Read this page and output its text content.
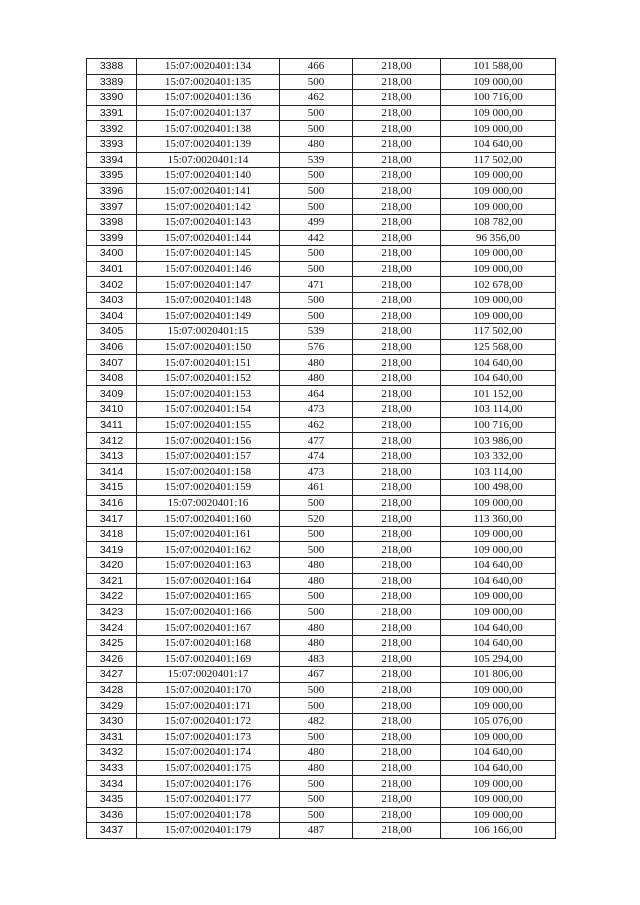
3388	15:07:0020401:134	466	218,00	101 588,00
3389	15:07:0020401:135	500	218,00	109 000,00
3390	15:07:0020401:136	462	218,00	100 716,00
3391	15:07:0020401:137	500	218,00	109 000,00
3392	15:07:0020401:138	500	218,00	109 000,00
3393	15:07:0020401:139	480	218,00	104 640,00
3394	15:07:0020401:14	539	218,00	117 502,00
3395	15:07:0020401:140	500	218,00	109 000,00
3396	15:07:0020401:141	500	218,00	109 000,00
3397	15:07:0020401:142	500	218,00	109 000,00
3398	15:07:0020401:143	499	218,00	108 782,00
3399	15:07:0020401:144	442	218,00	96 356,00
3400	15:07:0020401:145	500	218,00	109 000,00
3401	15:07:0020401:146	500	218,00	109 000,00
3402	15:07:0020401:147	471	218,00	102 678,00
3403	15:07:0020401:148	500	218,00	109 000,00
3404	15:07:0020401:149	500	218,00	109 000,00
3405	15:07:0020401:15	539	218,00	117 502,00
3406	15:07:0020401:150	576	218,00	125 568,00
3407	15:07:0020401:151	480	218,00	104 640,00
3408	15:07:0020401:152	480	218,00	104 640,00
3409	15:07:0020401:153	464	218,00	101 152,00
3410	15:07:0020401:154	473	218,00	103 114,00
3411	15:07:0020401:155	462	218,00	100 716,00
3412	15:07:0020401:156	477	218,00	103 986,00
3413	15:07:0020401:157	474	218,00	103 332,00
3414	15:07:0020401:158	473	218,00	103 114,00
3415	15:07:0020401:159	461	218,00	100 498,00
3416	15:07:0020401:16	500	218,00	109 000,00
3417	15:07:0020401:160	520	218,00	113 360,00
3418	15:07:0020401:161	500	218,00	109 000,00
3419	15:07:0020401:162	500	218,00	109 000,00
3420	15:07:0020401:163	480	218,00	104 640,00
3421	15:07:0020401:164	480	218,00	104 640,00
3422	15:07:0020401:165	500	218,00	109 000,00
3423	15:07:0020401:166	500	218,00	109 000,00
3424	15:07:0020401:167	480	218,00	104 640,00
3425	15:07:0020401:168	480	218,00	104 640,00
3426	15:07:0020401:169	483	218,00	105 294,00
3427	15:07:0020401:17	467	218,00	101 806,00
3428	15:07:0020401:170	500	218,00	109 000,00
3429	15:07:0020401:171	500	218,00	109 000,00
3430	15:07:0020401:172	482	218,00	105 076,00
3431	15:07:0020401:173	500	218,00	109 000,00
3432	15:07:0020401:174	480	218,00	104 640,00
3433	15:07:0020401:175	480	218,00	104 640,00
3434	15:07:0020401:176	500	218,00	109 000,00
3435	15:07:0020401:177	500	218,00	109 000,00
3436	15:07:0020401:178	500	218,00	109 000,00
3437	15:07:0020401:179	487	218,00	106 166,00
